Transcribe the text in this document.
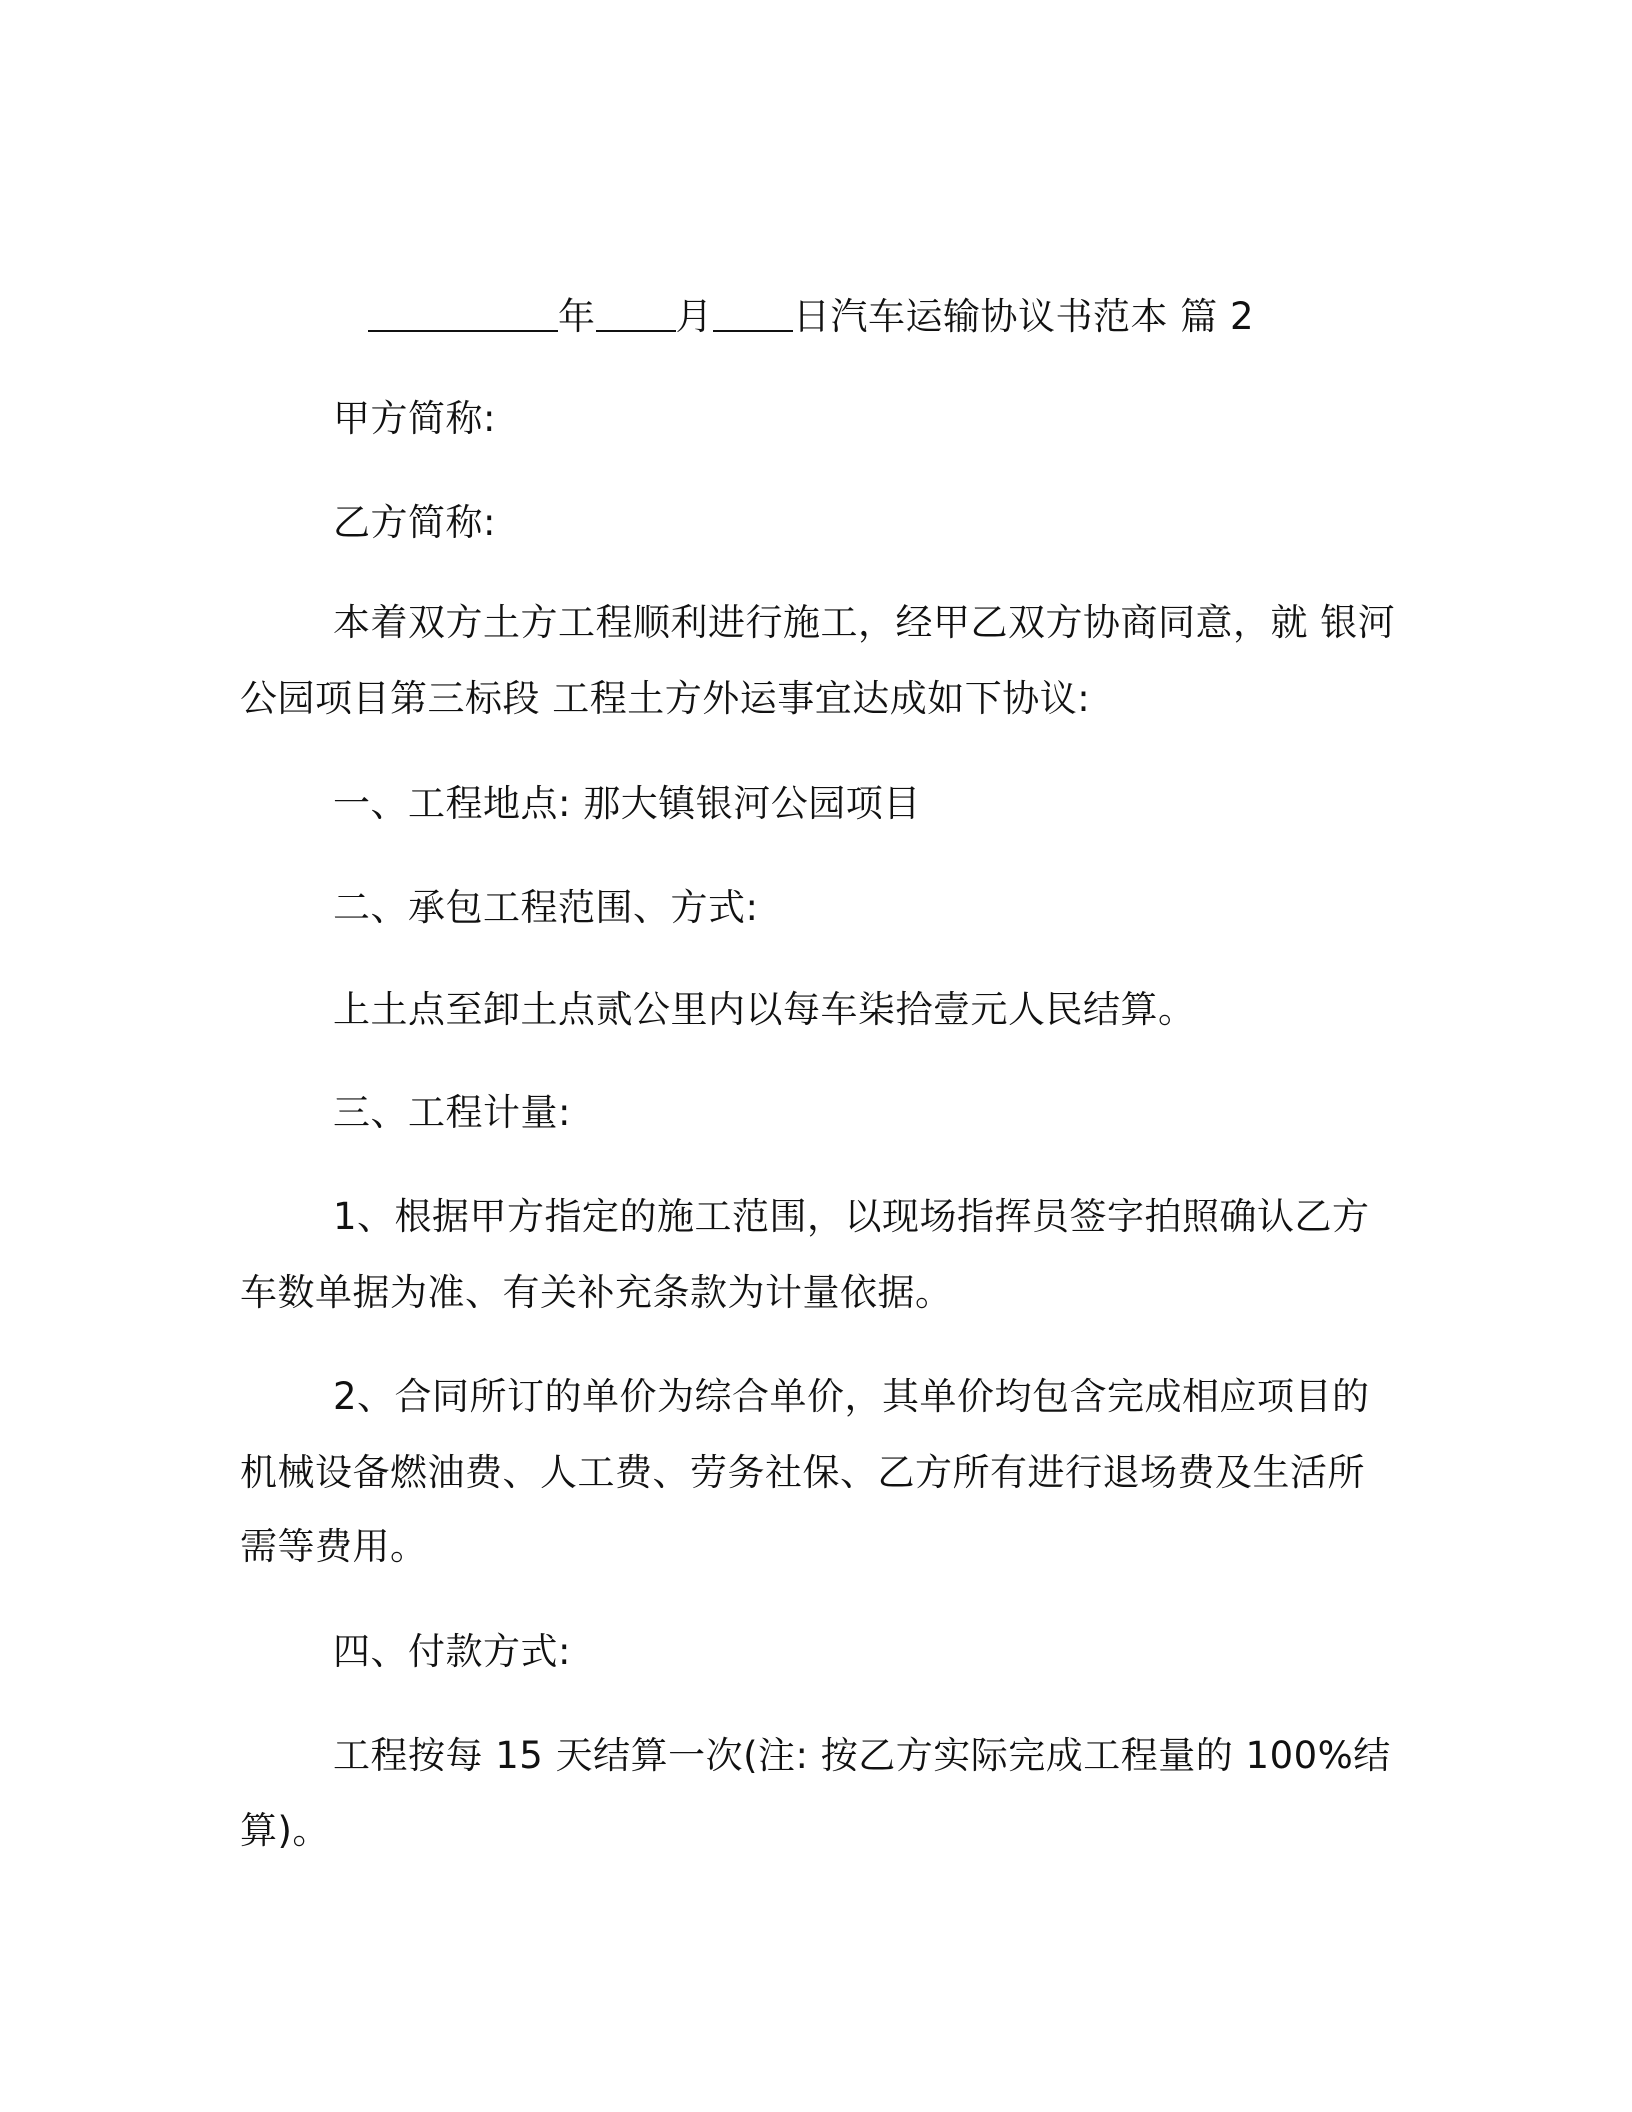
年 月 日汽车运输协议书范本 篇 2
甲方简称:
乙方简称:
本着双方土方工程顺利进行施工，经甲乙双方协商同意，就 银河
公园项目第三标段 工程土方外运事宜达成如下协议:
一、工程地点: 那大镇银河公园项目
二、承包工程范围、方式:
上土点至卸土点贰公里内以每车柒拾壹元人民结算。
三、工程计量:
1、根据甲方指定的施工范围，以现场指挥员签字拍照确认乙方
车数单据为准、有关补充条款为计量依据。
2、合同所订的单价为综合单价，其单价均包含完成相应项目的
机械设备燃油费、人工费、劳务社保、乙方所有进行退场费及生活所
需等费用。
四、付款方式:
工程按每 15 天结算一次(注: 按乙方实际完成工程量的 100%结
算)。
